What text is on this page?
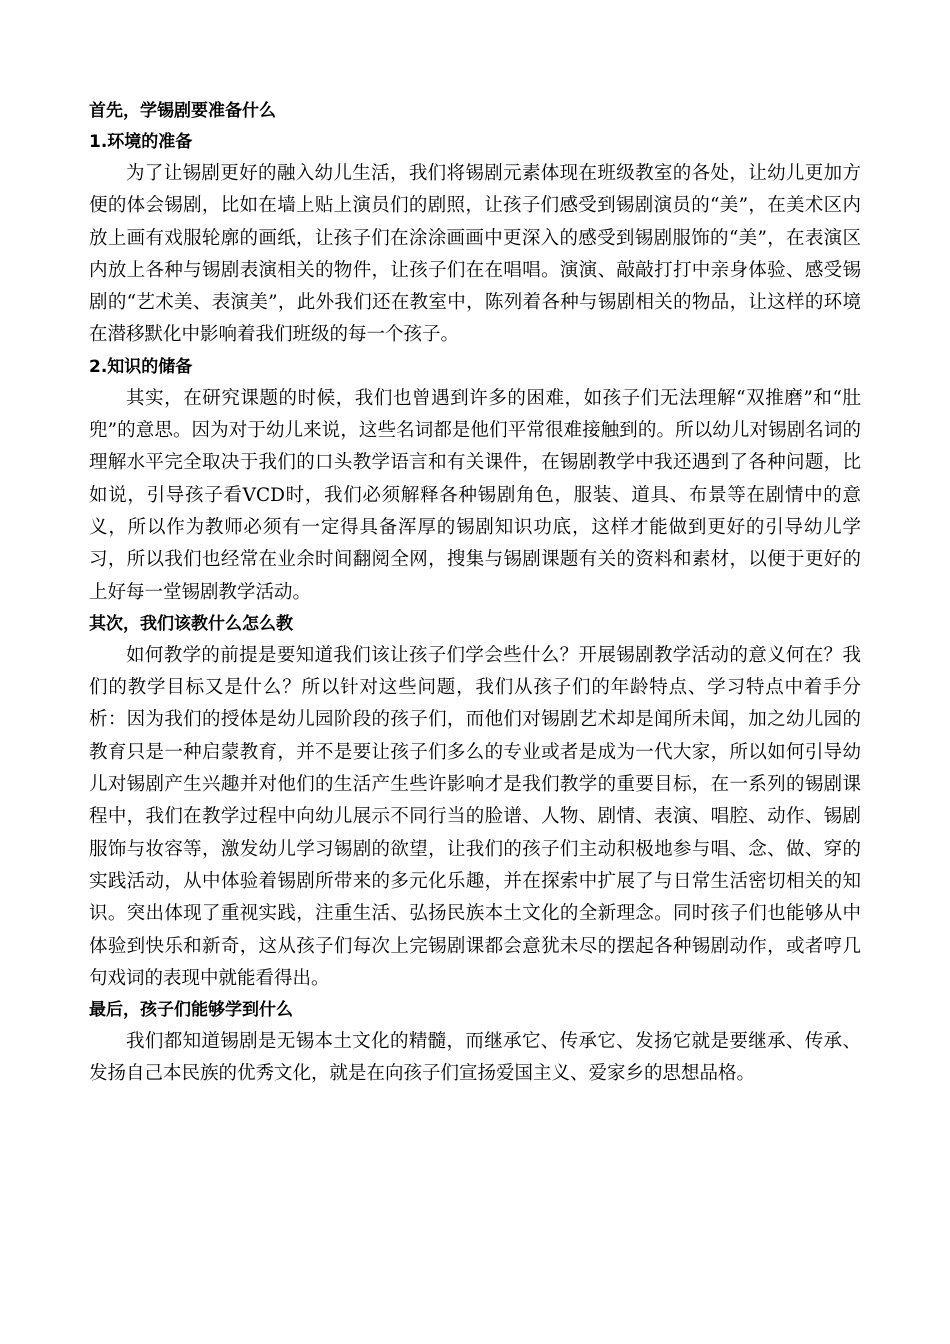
首先，学锡剧要准备什么
1.环境的准备

为了让锡剧更好的融入幼儿生活，我们将锡剧元素体现在班级教室的各处，让幼儿更加方便的体会锡剧，比如在墙上贴上演员们的剧照，让孩子们感受到锡剧演员的“美”，在美术区内放上画有戏服轮廓的画纸，让孩子们在涂涂画画中更深入的感受到锡剧服饰的“美”，在表演区内放上各种与锡剧表演相关的物件，让孩子们在在唱唱。演演、敲敲打打中亲身体验、感受锡剧的“艺术美、表演美”，此外我们还在教室中，陈列着各种与锡剧相关的物品，让这样的环境在潜移默化中影响着我们班级的每一个孩子。

2.知识的储备

其实，在研究课题的时候，我们也曾遇到许多的困难，如孩子们无法理解“双推磨”和“肚兜”的意思。因为对于幼儿来说，这些名词都是他们平常很难接触到的。所以幼儿对锡剧名词的理解水平完全取决于我们的口头教学语言和有关课件，在锡剧教学中我还遇到了各种问题，比如说，引导孩子看VCD时，我们必须解释各种锡剧角色，服装、道具、布景等在剧情中的意义，所以作为教师必须有一定得具备浑厚的锡剧知识功底，这样才能做到更好的引导幼儿学习，所以我们也经常在业余时间翻阅全网，搜集与锡剧课题有关的资料和素材，以便于更好的上好每一堂锡剧教学活动。

其次，我们该教什么怎么教

如何教学的前提是要知道我们该让孩子们学会些什么？开展锡剧教学活动的意义何在？我们的教学目标又是什么？所以针对这些问题，我们从孩子们的年龄特点、学习特点中着手分析：因为我们的授体是幼儿园阶段的孩子们，而他们对锡剧艺术却是闻所未闻，加之幼儿园的教育只是一种启蒙教育，并不是要让孩子们多么的专业或者是成为一代大家，所以如何引导幼儿对锡剧产生兴趣并对他们的生活产生些许影响才是我们教学的重要目标，在一系列的锡剧课程中，我们在教学过程中向幼儿展示不同行当的脸谱、人物、剧情、表演、唱腔、动作、锡剧服饰与妆容等，激发幼儿学习锡剧的欲望，让我们的孩子们主动积极地参与唱、念、做、穿的实践活动，从中体验着锡剧所带来的多元化乐趣，并在探索中扩展了与日常生活密切相关的知识。突出体现了重视实践，注重生活、弘扬民族本土文化的全新理念。同时孩子们也能够从中体验到快乐和新奇，这从孩子们每次上完锡剧课都会意犹未尽的摆起各种锡剧动作，或者哼几句戏词的表现中就能看得出。

最后，孩子们能够学到什么

我们都知道锡剧是无锡本土文化的精髓，而继承它、传承它、发扬它就是要继承、传承、发扬自己本民族的优秀文化，就是在向孩子们宣扬爱国主义、爱家乡的思想品格。
